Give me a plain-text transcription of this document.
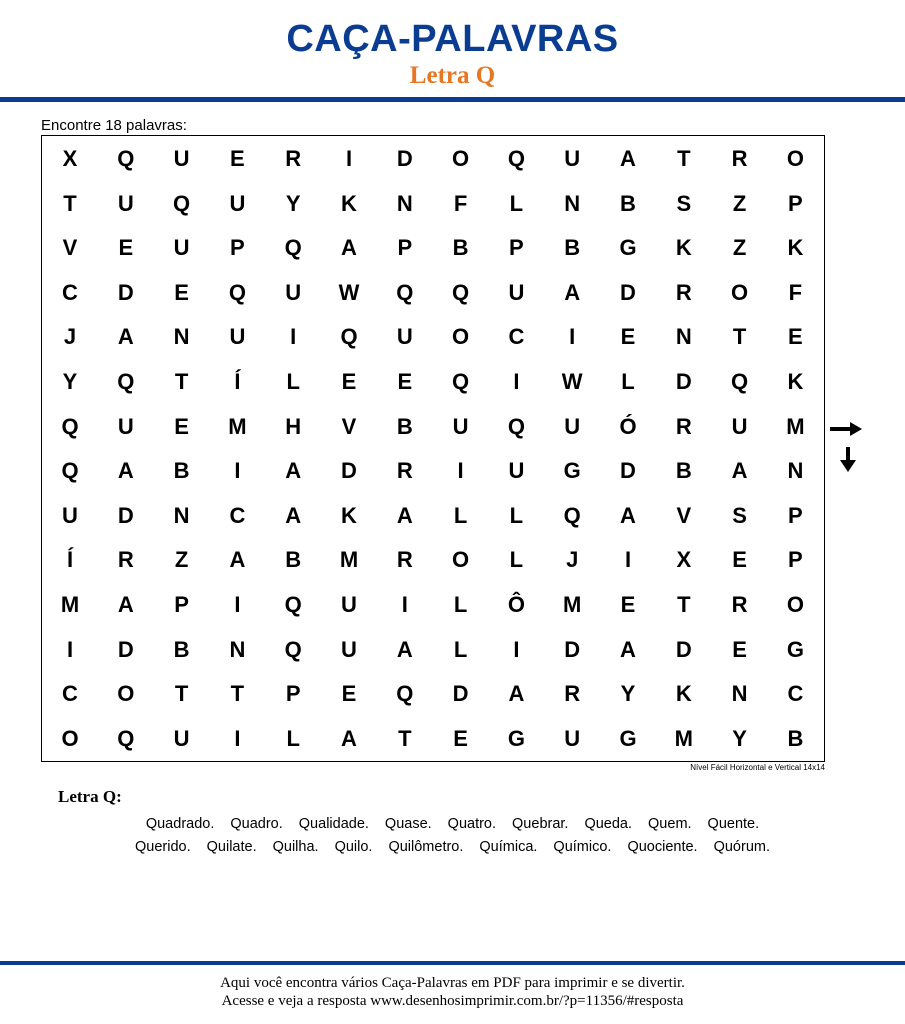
CAÇA-PALAVRAS
Letra Q
Encontre 18 palavras:
X	Q	U	E	R	I	D	O	Q	U	A	T	R	O
T	U	Q	U	Y	K	N	F	L	N	B	S	Z	P
V	E	U	P	Q	A	P	B	P	B	G	K	Z	K
C	D	E	Q	U	W	Q	Q	U	A	D	R	O	F
J	A	N	U	I	Q	U	O	C	I	E	N	T	E
Y	Q	T	Í	L	E	E	Q	I	W	L	D	Q	K
Q	U	E	M	H	V	B	U	Q	U	Ó	R	U	M
Q	A	B	I	A	D	R	I	U	G	D	B	A	N
U	D	N	C	A	K	A	L	L	Q	A	V	S	P
Í	R	Z	A	B	M	R	O	L	J	I	X	E	P
M	A	P	I	Q	U	I	L	Ô	M	E	T	R	O
I	D	B	N	Q	U	A	L	I	D	A	D	E	G
C	O	T	T	P	E	Q	D	A	R	Y	K	N	C
O	Q	U	I	L	A	T	E	G	U	G	M	Y	B
Nível Fácil Horizontal e Vertical 14x14
Letra Q:
Quadrado. Quadro. Qualidade. Quase. Quatro. Quebrar. Queda. Quem. Quente.
Querido. Quilate. Quilha. Quilo. Quilômetro. Química. Químico. Quociente. Quórum.
Aqui você encontra vários Caça-Palavras em PDF para imprimir e se divertir.
Acesse e veja a resposta www.desenhosimprimir.com.br/?p=11356/#resposta
